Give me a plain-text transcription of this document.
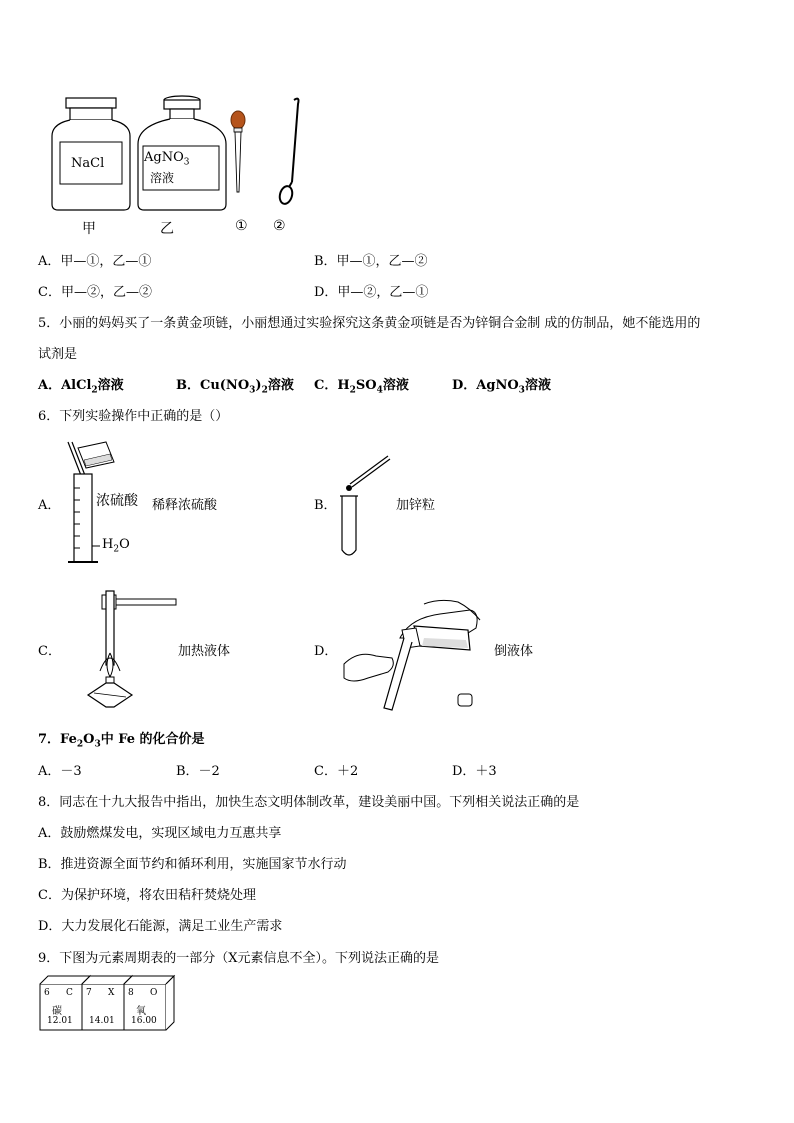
NaCl	AgNO$_3$
溶液
甲	乙	① ②
A．甲—①，乙—①	B．甲—①，乙—②
C．甲—②，乙—②	D．甲—②，乙—①
5．小丽的妈妈买了一条黄金项链，小丽想通过实验探究这条黄金项链是否为锌铜合金制 成的仿制品，她不能选用的
试剂是
A．AlCl$_2$溶液	B．$Cu(NO_3)_2$溶液 C．$H_2SO_4$溶液	D．AgNO$_3$溶液
6．下列实验操作中正确的是（）
A．	浓硫酸
$H_2O$
稀释浓硫酸	B．	加锌粒
C．	加热液体	D．	倒液体
7．$Fe_2O_3$中 Fe 的化合价是
A．－3	B．－2	C．＋2	D．＋3
8．同志在十九大报告中指出，加快生态文明体制改革，建设美丽中国。下列相关说法正确的是
A．鼓励燃煤发电，实现区域电力互惠共享
B．推进资源全面节约和循环利用，实施国家节水行动
C．为保护环境，将农田秸秆焚烧处理
D．大力发展化石能源，满足工业生产需求
9．下图为元素周期表的一部分（X元素信息不全）。下列说法正确的是
6 C
碳
12.01
7 X
14.01
8 O
氧
16.00
